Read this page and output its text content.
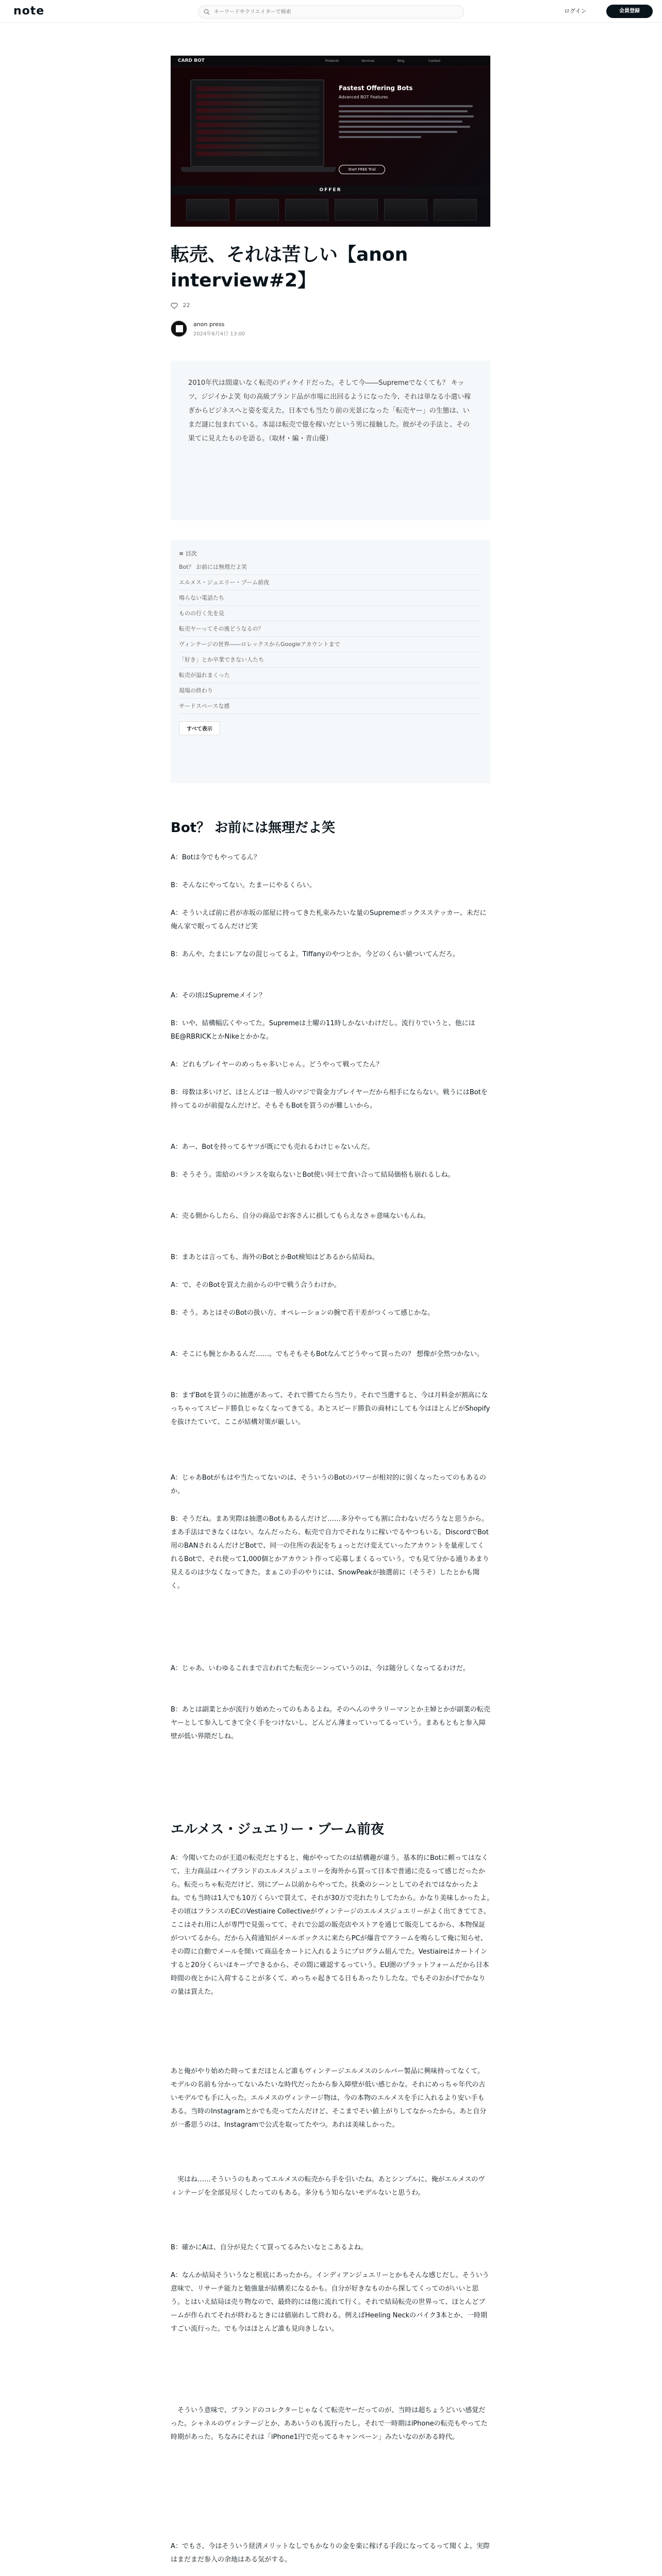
note
キーワードやクリエイターで検索	ログイン	会員登録
CARD BOT	Products	Services	Blog	Contact
Fastest Offering Bots
Advanced BOT Features
Start FREE Trial
OFFER
転売、それは苦しい【anon interview#2】
22
anon press
2024年6月4日 13:00

2010年代は間違いなく転売のディケイドだった。そして今――Supremeでなくても？ キッツ、ジジイかよ笑 旬の高級ブランド品が市場に出回るようになった今、それは単なる小遣い稼ぎからビジネスへと姿を変えた。日本でも当たり前の光景になった「転売ヤー」の生態は、いまだ謎に包まれている。本誌は転売で億を稼いだという男に接触した。彼がその手法と、その果てに見えたものを語る。（取材・編・青山優）

≡ 目次
Bot？ お前には無理だよ笑
エルメス・ジュエリー・ブーム前夜
鳴らない電話たち
ものの行く先を見
転売ヤーってその後どうなるの？
ヴィンテージの世界――ロレックスからGoogleアカウントまで
「好き」とか卒業できない人たち
転売が溢れまくった
現場の終わり
サードスペースな感
すべて表示
Bot？ お前には無理だよ笑

A：Botは今でもやってるん？

B：そんなにやってない。たまーにやるくらい。

A：そういえば前に君が赤坂の部屋に持ってきた札束みたいな量のSupremeボックスステッカー、未だに俺ん家で眠ってるんだけど笑

B：あんや、たまにレアなの混じってるよ。Tiffanyのやつとか。今どのくらい値ついてんだろ。

A：その頃はSupremeメイン？

B：いや、結構幅広くやってた。Supremeは土曜の11時しかないわけだし。流行りでいうと、他にはBE@RBRICKとかNikeとかかな。

A：どれもプレイヤーのめっちゃ多いじゃん。どうやって戦ってたん？

B：母数は多いけど、ほとんどは一般人のマジで資金力プレイヤーだから相手にならない。戦うにはBotを持ってるのが前提なんだけど、そもそもBotを買うのが難しいから。

A：あー、Botを持ってるヤツが既にでも売れるわけじゃないんだ。

B：そうそう。需給のバランスを取らないとBot使い同士で食い合って結局価格も崩れるしね。

A：売る側からしたら、自分の商品でお客さんに損してもらえなさゃ意味ないもんね。

B：まあとは言っても、海外のBotとかBot検知はどあるから結局ね。

A：で、そのBotを買えた前からの中で戦う合うわけか。

B：そう。あとはそのBotの扱い方、オペレーションの腕で若干差がつくって感じかな。

A：そこにも腕とかあるんだ……。でもそもそもBotなんてどうやって買ったの？ 想像が全然つかない。

B：まずBotを買うのに抽選があって、それで勝てたら当たり。それで当選すると、今は月料金が割高になっちゃってスピード勝負じゃなくなってきてる。あとスピード勝負の商材にしても今はほとんどがShopifyを抜けたていて、ここが結構対策が厳しい。

A：じゃあBotがもはや当たってないのは、そういうのBotのパワーが相対的に弱くなったってのもあるのか。

B：そうだね。まあ実際は抽選のBotもあるんだけど……多分やっても割に合わないだろうなと思うから。まあ手法はできなくはない。なんだったら、転売で自力でそれなりに稼いでるやつもいる。DiscordでBot用のBANされるんだけどBotで、同一の住所の表記をちょっとだけ変えていったアカウントを量産してくれるBotで、それ使って1,000個とかアカウント作って応募しまくるっていう。でも見て分かる通りあまり見えるのは少なくなってきた。まぁこの手のやりには、SnowPeakが抽選前に（そうそ）したとかも聞く。

A：じゃあ、いわゆるこれまで言われてた転売シーンっていうのは、今は随分しくなってるわけだ。

B：あとは副業とかが流行り始めたってのもあるよね。そのへんのサラリーマンとか主婦とかが副業の転売ヤーとして参入してきて全く手をつけないし、どんどん薄まっていってるっていう。まあもともと参入障壁が低い界隈だしね。

エルメス・ジュエリー・ブーム前夜

A：今聞いてたのが王道の転売だとすると、俺がやってたのは結構趣が違う。基本的にBotに頼ってはなくて、主力商品はハイブランドのエルメスジュエリーを海外から買って日本で普通に売るって感じだったから。転売っちゃ転売だけど、別にブーム以前からやってた。扶桑のシーンとしてのそれではなかったよね。でも当時は1人でも10万くらいで買えて、それが30万で売れたりしてたから。かなり美味しかったよ。　その頃はフランスのECのVestiaire Collectiveがヴィンテージのエルメスジュエリーがよく出てきててさ。ここはそれ用に人が専門で見張ってて、それで公認の販売店やストアを通じて販売してるから、本物保証がついてるから。だから入荷通知がメールボックスに来たらPCが爆音でアラームを鳴らして俺に知らせ、その際に自動でメールを開いて商品をカートに入れるようにプログラム組んでた。Vestiaireはカートインすると20分くらいはキープできるから、その間に確認するっていう。EU圏のプラットフォームだから日本時間の夜とかに入荷することが多くて、めっちゃ起きてる日もあったりしたな。でもそのおかげでかなりの量は買えた。

あと俺がやり始めた時ってまだほとんど誰もヴィンテージエルメスのシルバー製品に興味持ってなくて。モデルの名前も分かってないみたいな時代だったから参入障壁が低い感じかな。それにめっちゃ年代の古いモデルでも手に入った。エルメスのヴィンテージ物は、今の本物のエルメスを手に入れるより安い手もある。当時のInstagramとかでも売ってたんだけど、そこまでそい値上がりしてなかったから。あと自分が一番思うのは、Instagramで公式を取ってたやつ。あれは美味しかった。

　実はね……そういうのもあってエルメスの転売から手を引いたね。あとシンプルに、俺がエルメスのヴィンテージを全部見尽くしたってのもある。多分もう知らないモデルないと思うわ。

B：確かにAは、自分が見たくて買ってるみたいなとこあるよね。

A：なんか結局そういうなと根底にあったから。インディアンジュエリーとかもそんな感じだし。そういう意味で、リサーチ能力と勉強量が結構差になるかも。自分が好きなものから探してくってのがいいと思う。とはいえ結局は売り物なので、最終的には他に流れて行く。それで結局転売の世界って、ほとんどブームが作られてそれが終わるときには値崩れして終わる。例えばHeeling Neckのバイク3本とか、一時期すごい流行った。でも今はほとんど誰も見向きしない。

　そういう意味で、ブランドのコレクターじゃなくて転売ヤーだってのが、当時は超ちょうどいい感覚だった。シャネルのヴィンテージとか、ああいうのも流行ったし。それで一時期はiPhoneの転売もやってた時期があった。ちなみにそれは「iPhone1円で売ってるキャンペーン」みたいなのがある時代。

A：でもさ、今はそういう経済メリットなしでもかなりの金を楽に稼げる手段になってるって聞くよ。実際はまだまだ参入の余地はある気がする。
